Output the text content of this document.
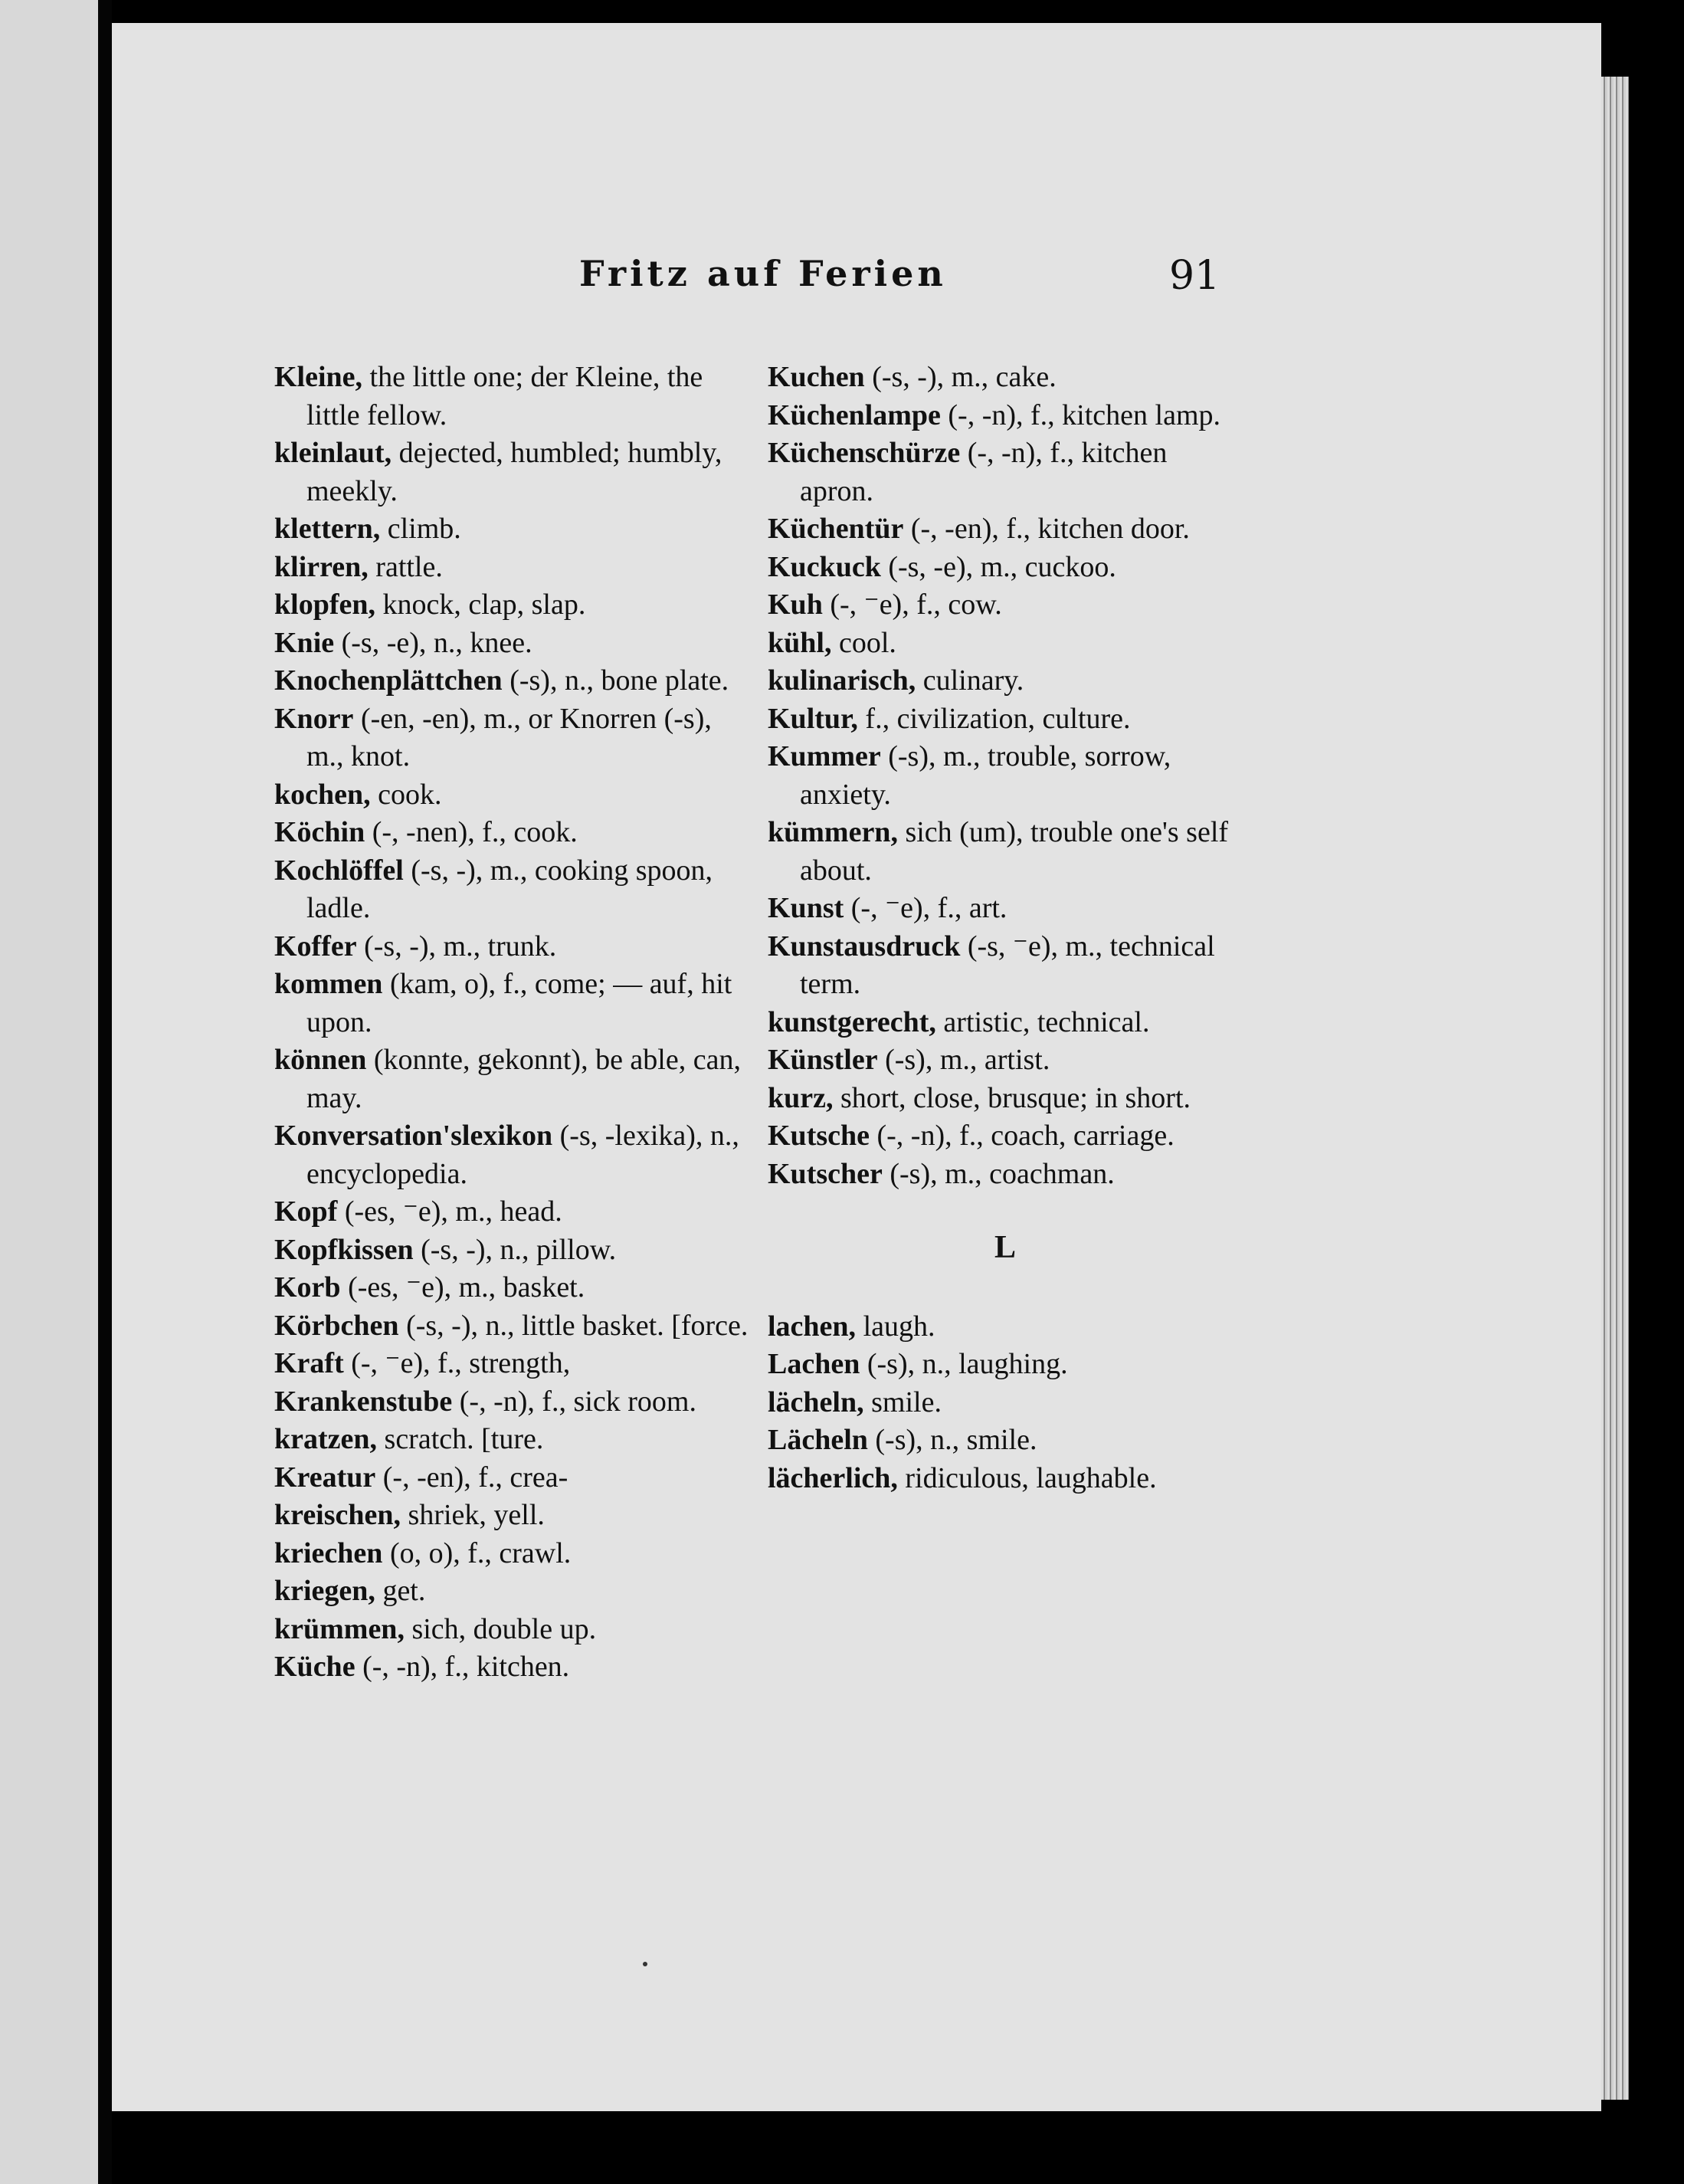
Fritz auf Ferien	91

Kleine, the little one; der Kleine, the little fellow.

kleinlaut, dejected, humbled; humbly, meekly.

klettern, climb.

klirren, rattle.

klopfen, knock, clap, slap.

Knie (-s, -e), n., knee.

Knochenplättchen (-s), n., bone plate.

Knorr (-en, -en), m., or Knorren (-s), m., knot.

kochen, cook.

Köchin (-, -nen), f., cook.

Kochlöffel (-s, -), m., cooking spoon, ladle.

Koffer (-s, -), m., trunk.

kommen (kam, o), f., come; — auf, hit upon.

können (konnte, gekonnt), be able, can, may.

Konversation'slexikon (-s, -lexika), n., encyclopedia.

Kopf (-es, ⁻e), m., head.

Kopfkissen (-s, -), n., pillow.

Korb (-es, ⁻e), m., basket.

Körbchen (-s, -), n., little basket. [force.

Kraft (-, ⁻e), f., strength,

Krankenstube (-, -n), f., sick room.

kratzen, scratch. [ture.

Kreatur (-, -en), f., crea-

kreischen, shriek, yell.

kriechen (o, o), f., crawl.

kriegen, get.

krümmen, sich, double up.

Küche (-, -n), f., kitchen.

Kuchen (-s, -), m., cake.

Küchenlampe (-, -n), f., kitchen lamp.

Küchenschürze (-, -n), f., kitchen apron.

Küchentür (-, -en), f., kitchen door.

Kuckuck (-s, -e), m., cuckoo.

Kuh (-, ⁻e), f., cow.

kühl, cool.

kulinarisch, culinary.

Kultur, f., civilization, culture.

Kummer (-s), m., trouble, sorrow, anxiety.

kümmern, sich (um), trouble one's self about.

Kunst (-, ⁻e), f., art.

Kunstausdruck (-s, ⁻e), m., technical term.

kunstgerecht, artistic, technical.

Künstler (-s), m., artist.

kurz, short, close, brusque; in short.

Kutsche (-, -n), f., coach, carriage.

Kutscher (-s), m., coachman.

L

lachen, laugh.

Lachen (-s), n., laughing.

lächeln, smile.

Lächeln (-s), n., smile.

lächerlich, ridiculous, laughable.
